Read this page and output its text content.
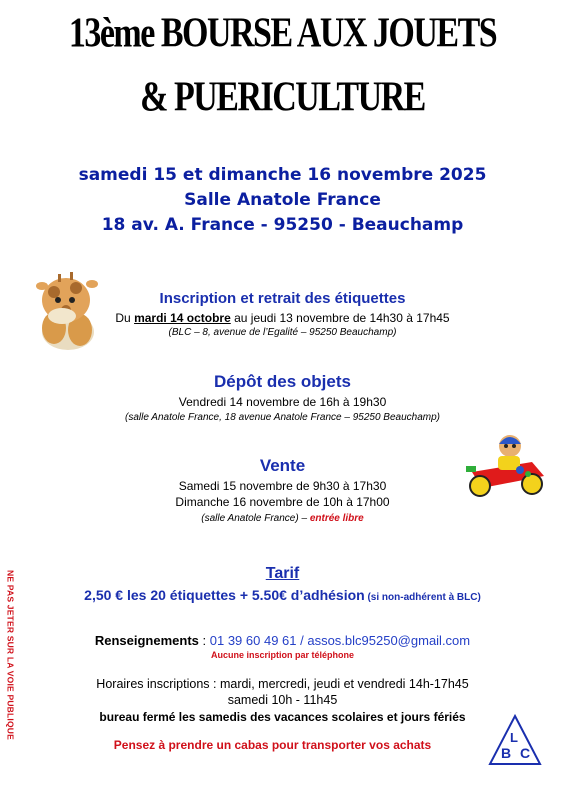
13ème BOURSE AUX JOUETS
& PUERICULTURE
samedi 15 et dimanche 16 novembre 2025
Salle Anatole France
18 av. A. France - 95250 - Beauchamp
Inscription et retrait des étiquettes
Du mardi 14 octobre au jeudi 13 novembre de 14h30 à 17h45
(BLC – 8, avenue de l’Egalité – 95250 Beauchamp)
Dépôt des objets
Vendredi 14 novembre de 16h à 19h30
(salle Anatole France, 18 avenue Anatole France – 95250 Beauchamp)
Vente
Samedi 15 novembre de 9h30 à 17h30
Dimanche 16 novembre de 10h à 17h00
(salle Anatole France) – entrée libre
Tarif
2,50 € les 20 étiquettes + 5.50€ d’adhésion (si non-adhérent à BLC)
Renseignements : 01 39 60 49 61 / assos.blc95250@gmail.com
Aucune inscription par téléphone
Horaires inscriptions : mardi, mercredi, jeudi et vendredi 14h-17h45
samedi 10h - 11h45
bureau fermé les samedis des vacances scolaires et jours fériés
Pensez à prendre un cabas pour transporter vos achats	B
L
C
NE PAS JETER SUR LA VOIE PUBLIQUE
